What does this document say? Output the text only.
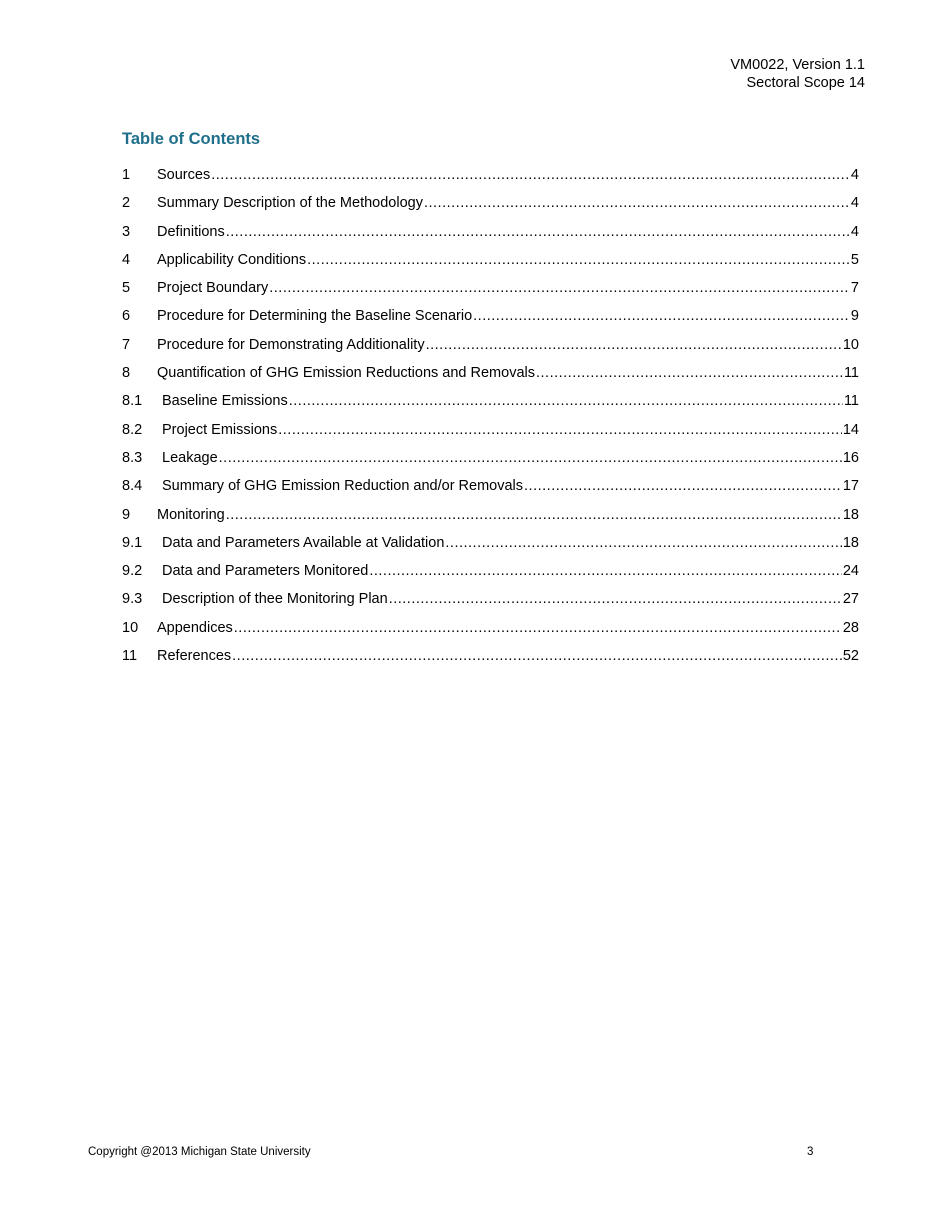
VM0022, Version 1.1
Sectoral Scope 14
Table of Contents
1	Sources .....	4
2	Summary Description of the Methodology .....	4
3	Definitions .....	4
4	Applicability Conditions .....	5
5	Project Boundary .....	7
6	Procedure for Determining the Baseline Scenario .....	9
7	Procedure for Demonstrating Additionality .....	10
8	Quantification of GHG Emission Reductions and Removals .....	11
8.1	Baseline Emissions .....	11
8.2	Project Emissions .....	14
8.3	Leakage .....	16
8.4	Summary of GHG Emission Reduction and/or Removals .....	17
9	Monitoring .....	18
9.1	Data and Parameters Available at Validation .....	18
9.2	Data and Parameters Monitored .....	24
9.3	Description of thee Monitoring Plan .....	27
10	Appendices .....	28
11	References .....	52
Copyright @2013 Michigan State University	3
